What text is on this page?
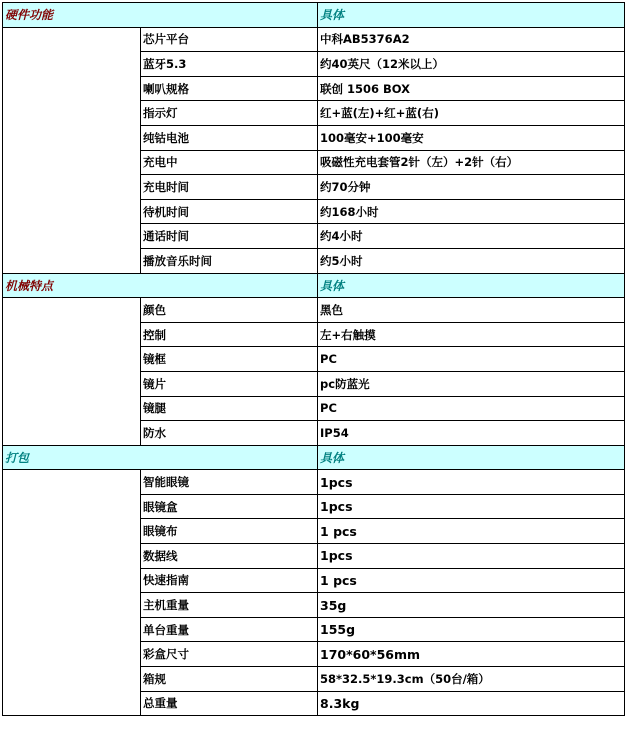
硬件功能		具体
	芯片平台	中科AB5376A2
	蓝牙5.3	约40英尺（12米以上）
	喇叭规格	联创 1506 BOX
	指示灯	红+蓝(左)+红+蓝(右)
	纯钴电池	100毫安+100毫安
	充电中	吸磁性充电套管2针（左）+2针（右）
	充电时间	约70分钟
	待机时间	约168小时
	通话时间	约4小时
	播放音乐时间	约5小时
机械特点		具体
	颜色	黑色
	控制	左+右触摸
	镜框	PC
	镜片	pc防蓝光
	镜腿	PC
	防水	IP54
打包		具体
	智能眼镜	1pcs
	眼镜盒	1pcs
	眼镜布	1 pcs
	数据线	1pcs
	快速指南	1 pcs
	主机重量	35g
	单台重量	155g
	彩盒尺寸	170*60*56mm
	箱规	58*32.5*19.3cm（50台/箱）
	总重量	8.3kg
